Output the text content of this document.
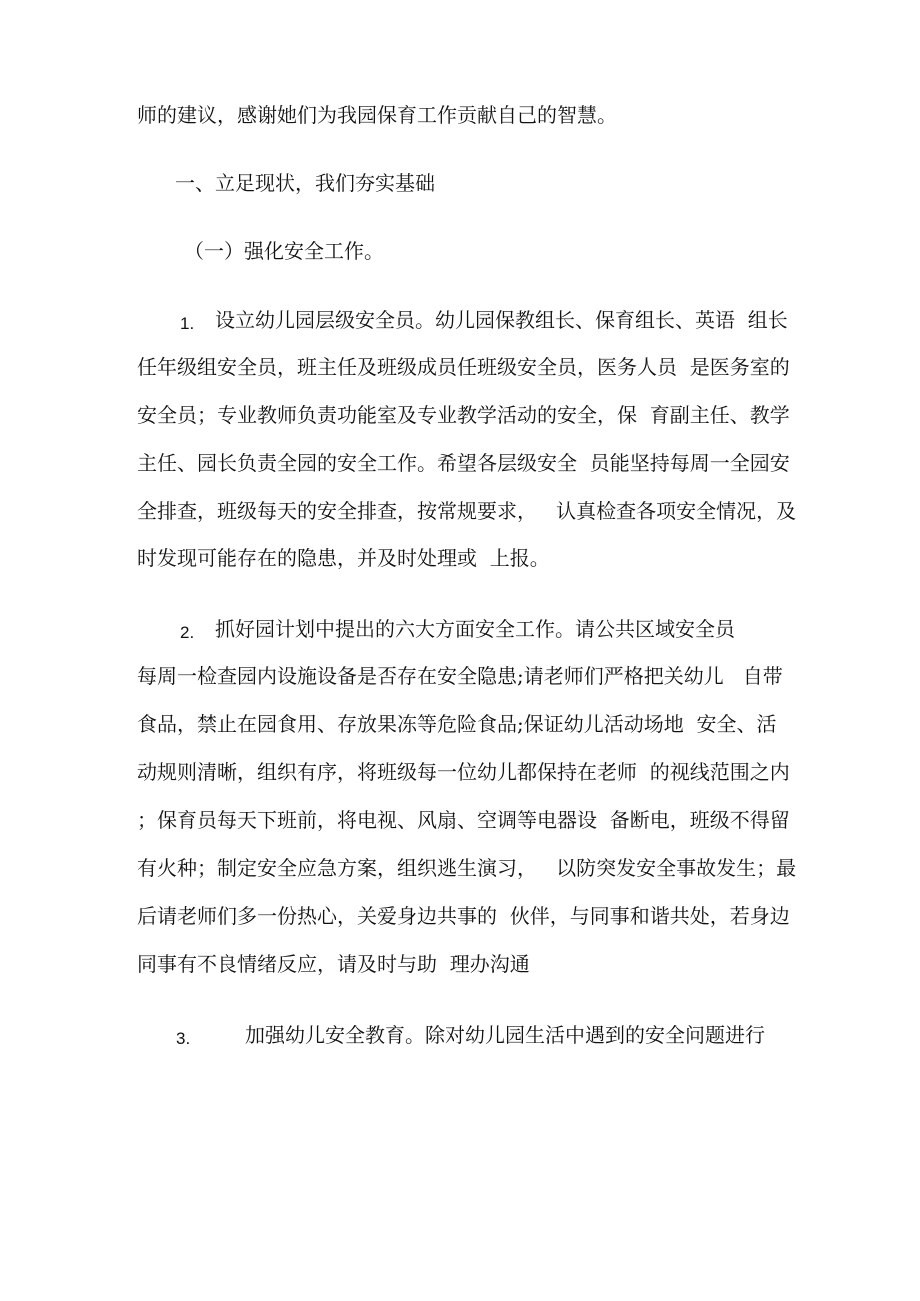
师的建议，感谢她们为我园保育工作贡献自己的智慧。
一、立足现状，我们夯实基础
（一）强化安全工作。
1. 设立幼儿园层级安全员。幼儿园保教组长、保育组长、英语  组长
任年级组安全员，班主任及班级成员任班级安全员，医务人员  是医务室的
安全员；专业教师负责功能室及专业教学活动的安全，保  育副主任、教学
主任、园长负责全园的安全工作。希望各层级安全  员能坚持每周一全园安
全排查，班级每天的安全排查，按常规要求，   认真检查各项安全情况，及
时发现可能存在的隐患，并及时处理或  上报。
2. 抓好园计划中提出的六大方面安全工作。请公共区域安全员
每周一检查园内设施设备是否存在安全隐患;请老师们严格把关幼儿   自带
食品，禁止在园食用、存放果冻等危险食品;保证幼儿活动场地  安全、活
动规则清晰，组织有序，将班级每一位幼儿都保持在老师  的视线范围之内
；保育员每天下班前，将电视、风扇、空调等电器设  备断电，班级不得留
有火种；制定安全应急方案，组织逃生演习，   以防突发安全事故发生；最
后请老师们多一份热心，关爱身边共事的  伙伴，与同事和谐共处，若身边
同事有不良情绪反应，请及时与助  理办沟通
3.	加强幼儿安全教育。除对幼儿园生活中遇到的安全问题进行
